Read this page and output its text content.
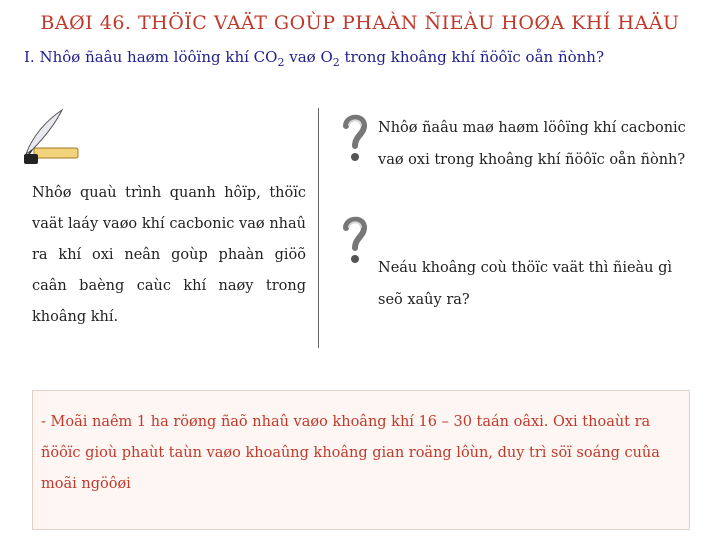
BAØI 46. THÖÏC VAÄT GOÙP PHAÀN ÑIEÀU HOØA KHÍ HAÄU
I. Nhôø ñaâu haøm löôïng khí $CO_2$ vaø $O_2$ trong khoâng khí ñöôïc oån ñònh?
Nhôø quaù trình quanh hôïp, thöïc vaät laáy vaøo khí cacbonic vaø nhaû ra khí oxi neân goùp phaàn giöõ caân baèng caùc khí naøy trong khoâng khí.
Nhôø ñaâu maø haøm löôïng khí cacbonic vaø oxi trong khoâng khí ñöôïc oån ñònh?
Neáu khoâng coù thöïc vaät thì ñieàu gì seõ xaûy ra?
- Moãi naêm 1 ha röøng ñaõ nhaû vaøo khoâng khí 16 – 30 taán oâxi. Oxi thoaùt ra ñöôïc gioù phaùt taùn vaøo khoaûng khoâng gian roäng lôùn, duy trì söï soáng cuûa moãi ngöôøi
